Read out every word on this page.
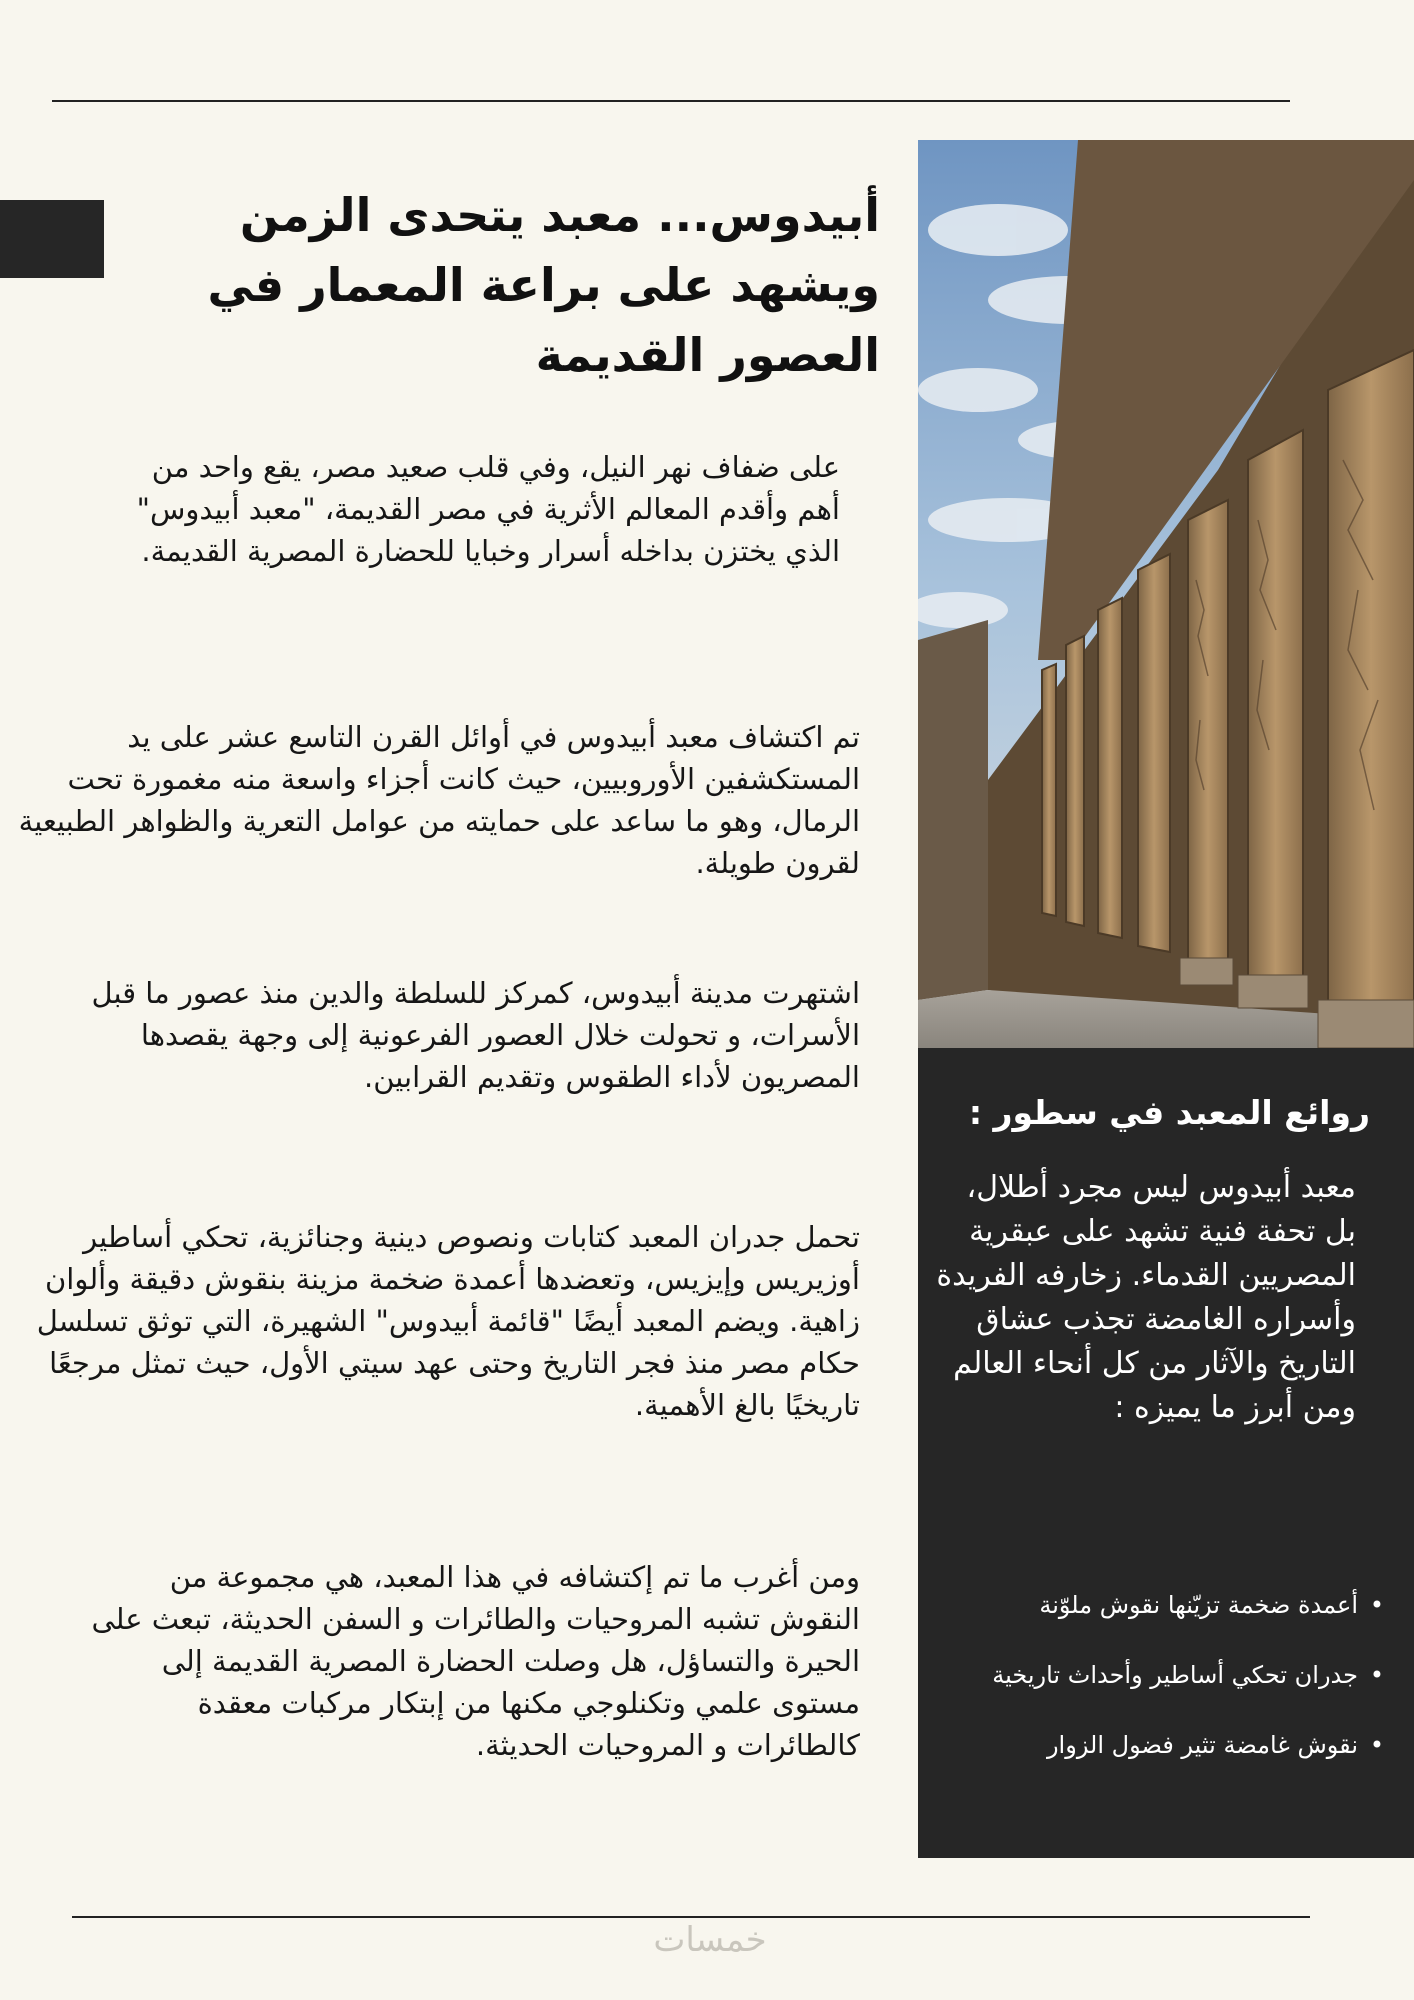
أبيدوس... معبد يتحدى الزمن ويشهد على براعة المعمار في العصور القديمة

على ضفاف نهر النيل، وفي قلب صعيد مصر، يقع واحد من أهم وأقدم المعالم الأثرية في مصر القديمة، "معبد أبيدوس" الذي يختزن بداخله أسرار وخبايا للحضارة المصرية القديمة.

تم اكتشاف معبد أبيدوس في أوائل القرن التاسع عشر على يد المستكشفين الأوروبيين، حيث كانت أجزاء واسعة منه مغمورة تحت الرمال، وهو ما ساعد على حمايته من عوامل التعرية والظواهر الطبيعية لقرون طويلة.

اشتهرت مدينة أبيدوس، كمركز للسلطة والدين منذ عصور ما قبل الأسرات، و تحولت خلال العصور الفرعونية إلى وجهة يقصدها المصريون لأداء الطقوس وتقديم القرابين.

تحمل جدران المعبد كتابات ونصوص دينية وجنائزية، تحكي أساطير أوزيريس وإيزيس، وتعضدها أعمدة ضخمة مزينة بنقوش دقيقة وألوان زاهية. ويضم المعبد أيضًا "قائمة أبيدوس" الشهيرة، التي توثق تسلسل حكام مصر منذ فجر التاريخ وحتى عهد سيتي الأول، حيث تمثل مرجعًا تاريخيًا بالغ الأهمية.

ومن أغرب ما تم إكتشافه في هذا المعبد، هي مجموعة من النقوش تشبه المروحيات والطائرات و السفن الحديثة، تبعث على الحيرة والتساؤل، هل وصلت الحضارة المصرية القديمة إلى مستوى علمي وتكنلوجي مكنها من إبتكار مركبات معقدة كالطائرات و المروحيات الحديثة.

روائع المعبد في سطور :

معبد أبيدوس ليس مجرد أطلال، بل تحفة فنية تشهد على عبقرية المصريين القدماء. زخارفه الفريدة وأسراره الغامضة تجذب عشاق التاريخ والآثار من كل أنحاء العالم ومن أبرز ما يميزه :

•
أعمدة ضخمة تزيّنها نقوش ملوّنة
•
جدران تحكي أساطير وأحداث تاريخية
•
نقوش غامضة تثير فضول الزوار
خمسات
